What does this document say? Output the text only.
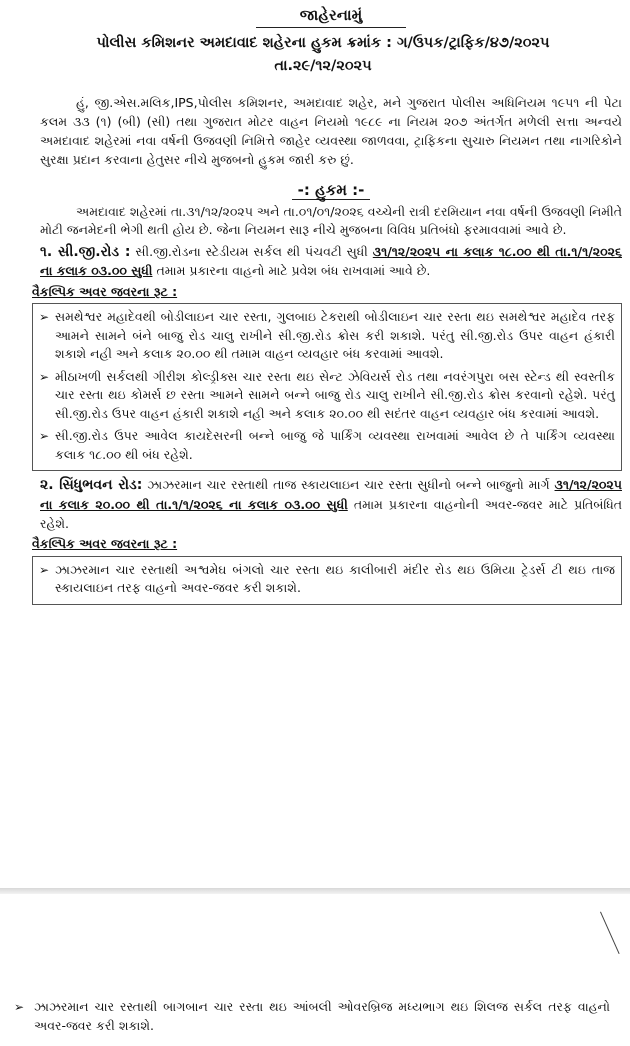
જાહેરનામું
પોલીસ કમિશનર અમદાવાદ શહેરના હુકમ ક્રમાંક : ગ/ઉપક/ટ્રાફિક/૪૭/૨૦૨૫
તા.૨૯/૧૨/૨૦૨૫

હું, જી.એસ.મલિક,IPS,પોલીસ કમિશનર, અમદાવાદ શહેર, મને ગુજરાત પોલીસ અધિનિયમ ૧૯૫૧ ની પેટા કલમ ૩૩ (૧) (બી) (સી) તથા ગુજરાત મોટર વાહન નિયમો ૧૯૮૯ ના નિયમ ૨૦૭ અંતર્ગત મળેલી સત્તા અન્વયે અમદાવાદ શહેરમાં નવા વર્ષની ઉજવણી નિમિત્તે જાહેર વ્યવસ્થા જાળવવા, ટ્રાફિકના સુચારુ નિયમન તથા નાગરિકોને સુરક્ષા પ્રદાન કરવાના હેતુસર નીચે મુજબનો હુકમ જારી કરુ છું.

-: હુકમ :-

અમદાવાદ શહેરમાં તા.૩૧/૧૨/૨૦૨૫ અને તા.૦૧/૦૧/૨૦૨૬ વચ્ચેની રાત્રી દરમિયાન નવા વર્ષની ઉજવણી નિમીતે મોટી જનમેદની ભેગી થતી હોય છે. જેના નિયમન સારૂ નીચે મુજબના વિવિધ પ્રતિબંધો ફરમાવવામાં આવે છે.

૧. સી.જી.રોડ : સી.જી.રોડના સ્ટેડીયમ સર્કલ થી પંચવટી સુધી ૩૧/૧૨/૨૦૨૫ ના કલાક ૧૮.૦૦ થી તા.૧/૧/૨૦૨૬ ના કલાક ૦૩.૦૦ સુધી તમામ પ્રકારના વાહનો માટે પ્રવેશ બંધ રાખવામાં આવે છે.

વૈકલ્પિક અવર જવરના રૂટ :
➢ સમથેશ્વર મહાદેવથી બોડીલાઇન ચાર રસ્તા, ગુલબાઇ ટેકરાથી બોડીલાઇન ચાર રસ્તા થઇ સમથેશ્વર મહાદેવ તરફ આમને સામને બંને બાજુ રોડ ચાલુ રાખીને સી.જી.રોડ ક્રોસ કરી શકાશે. પરંતુ સી.જી.રોડ ઉપર વાહન હંકારી શકાશે નહી અને કલાક ૨૦.૦૦ થી તમામ વાહન વ્યવહાર બંધ કરવામાં આવશે.
➢ મીઠાખળી સર્કલથી ગીરીશ કોલ્ડ્રીક્સ ચાર રસ્તા થઇ સેન્ટ ઝેવિયર્સ રોડ તથા નવરંગપુરા બસ સ્ટેન્ડ થી સ્વસ્તીક ચાર રસ્તા થઇ કોમર્સ છ રસ્તા આમને સામને બન્ને બાજુ રોડ ચાલુ રાખીને સી.જી.રોડ ક્રોસ કરવાનો રહેશે. પરંતુ સી.જી.રોડ ઉપર વાહન હંકારી શકાશે નહી અને કલાક ૨૦.૦૦ થી સદંતર વાહન વ્યવહાર બંધ કરવામાં આવશે.
➢ સી.જી.રોડ ઉપર આવેલ કાયદેસરની બન્ને બાજુ જે પાર્કિંગ વ્યવસ્થા રાખવામાં આવેલ છે તે પાર્કિંગ વ્યવસ્થા કલાક ૧૮.૦૦ થી બંધ રહેશે.

૨. સિંધુભવન રોડ: ઝાઝરમાન ચાર રસ્તાથી તાજ સ્કાયલાઇન ચાર રસ્તા સુધીનો બન્ને બાજુનો માર્ગ ૩૧/૧૨/૨૦૨૫ ના કલાક ૨૦.૦૦ થી તા.૧/૧/૨૦૨૬ ના કલાક ૦૩.૦૦ સુધી તમામ પ્રકારના વાહનોની અવર-જવર માટે પ્રતિબંધિત રહેશે.

વૈકલ્પિક અવર જવરના રૂટ :
➢ ઝાઝરમાન ચાર રસ્તાથી અશ્વમેઘ બંગલો ચાર રસ્તા થઇ કાલીબારી મંદીર રોડ થઇ ઉમિયા ટ્રેડર્સ ટી થઇ તાજ સ્કાયલાઇન તરફ વાહનો અવર-જવર કરી શકાશે.
➢ ઝાઝરમાન ચાર રસ્તાથી બાગબાન ચાર રસ્તા થઇ આંબલી ઓવરબ્રિજ મધ્યભાગ થઇ શિલજ સર્કલ તરફ વાહનો અવર-જવર કરી શકાશે.
